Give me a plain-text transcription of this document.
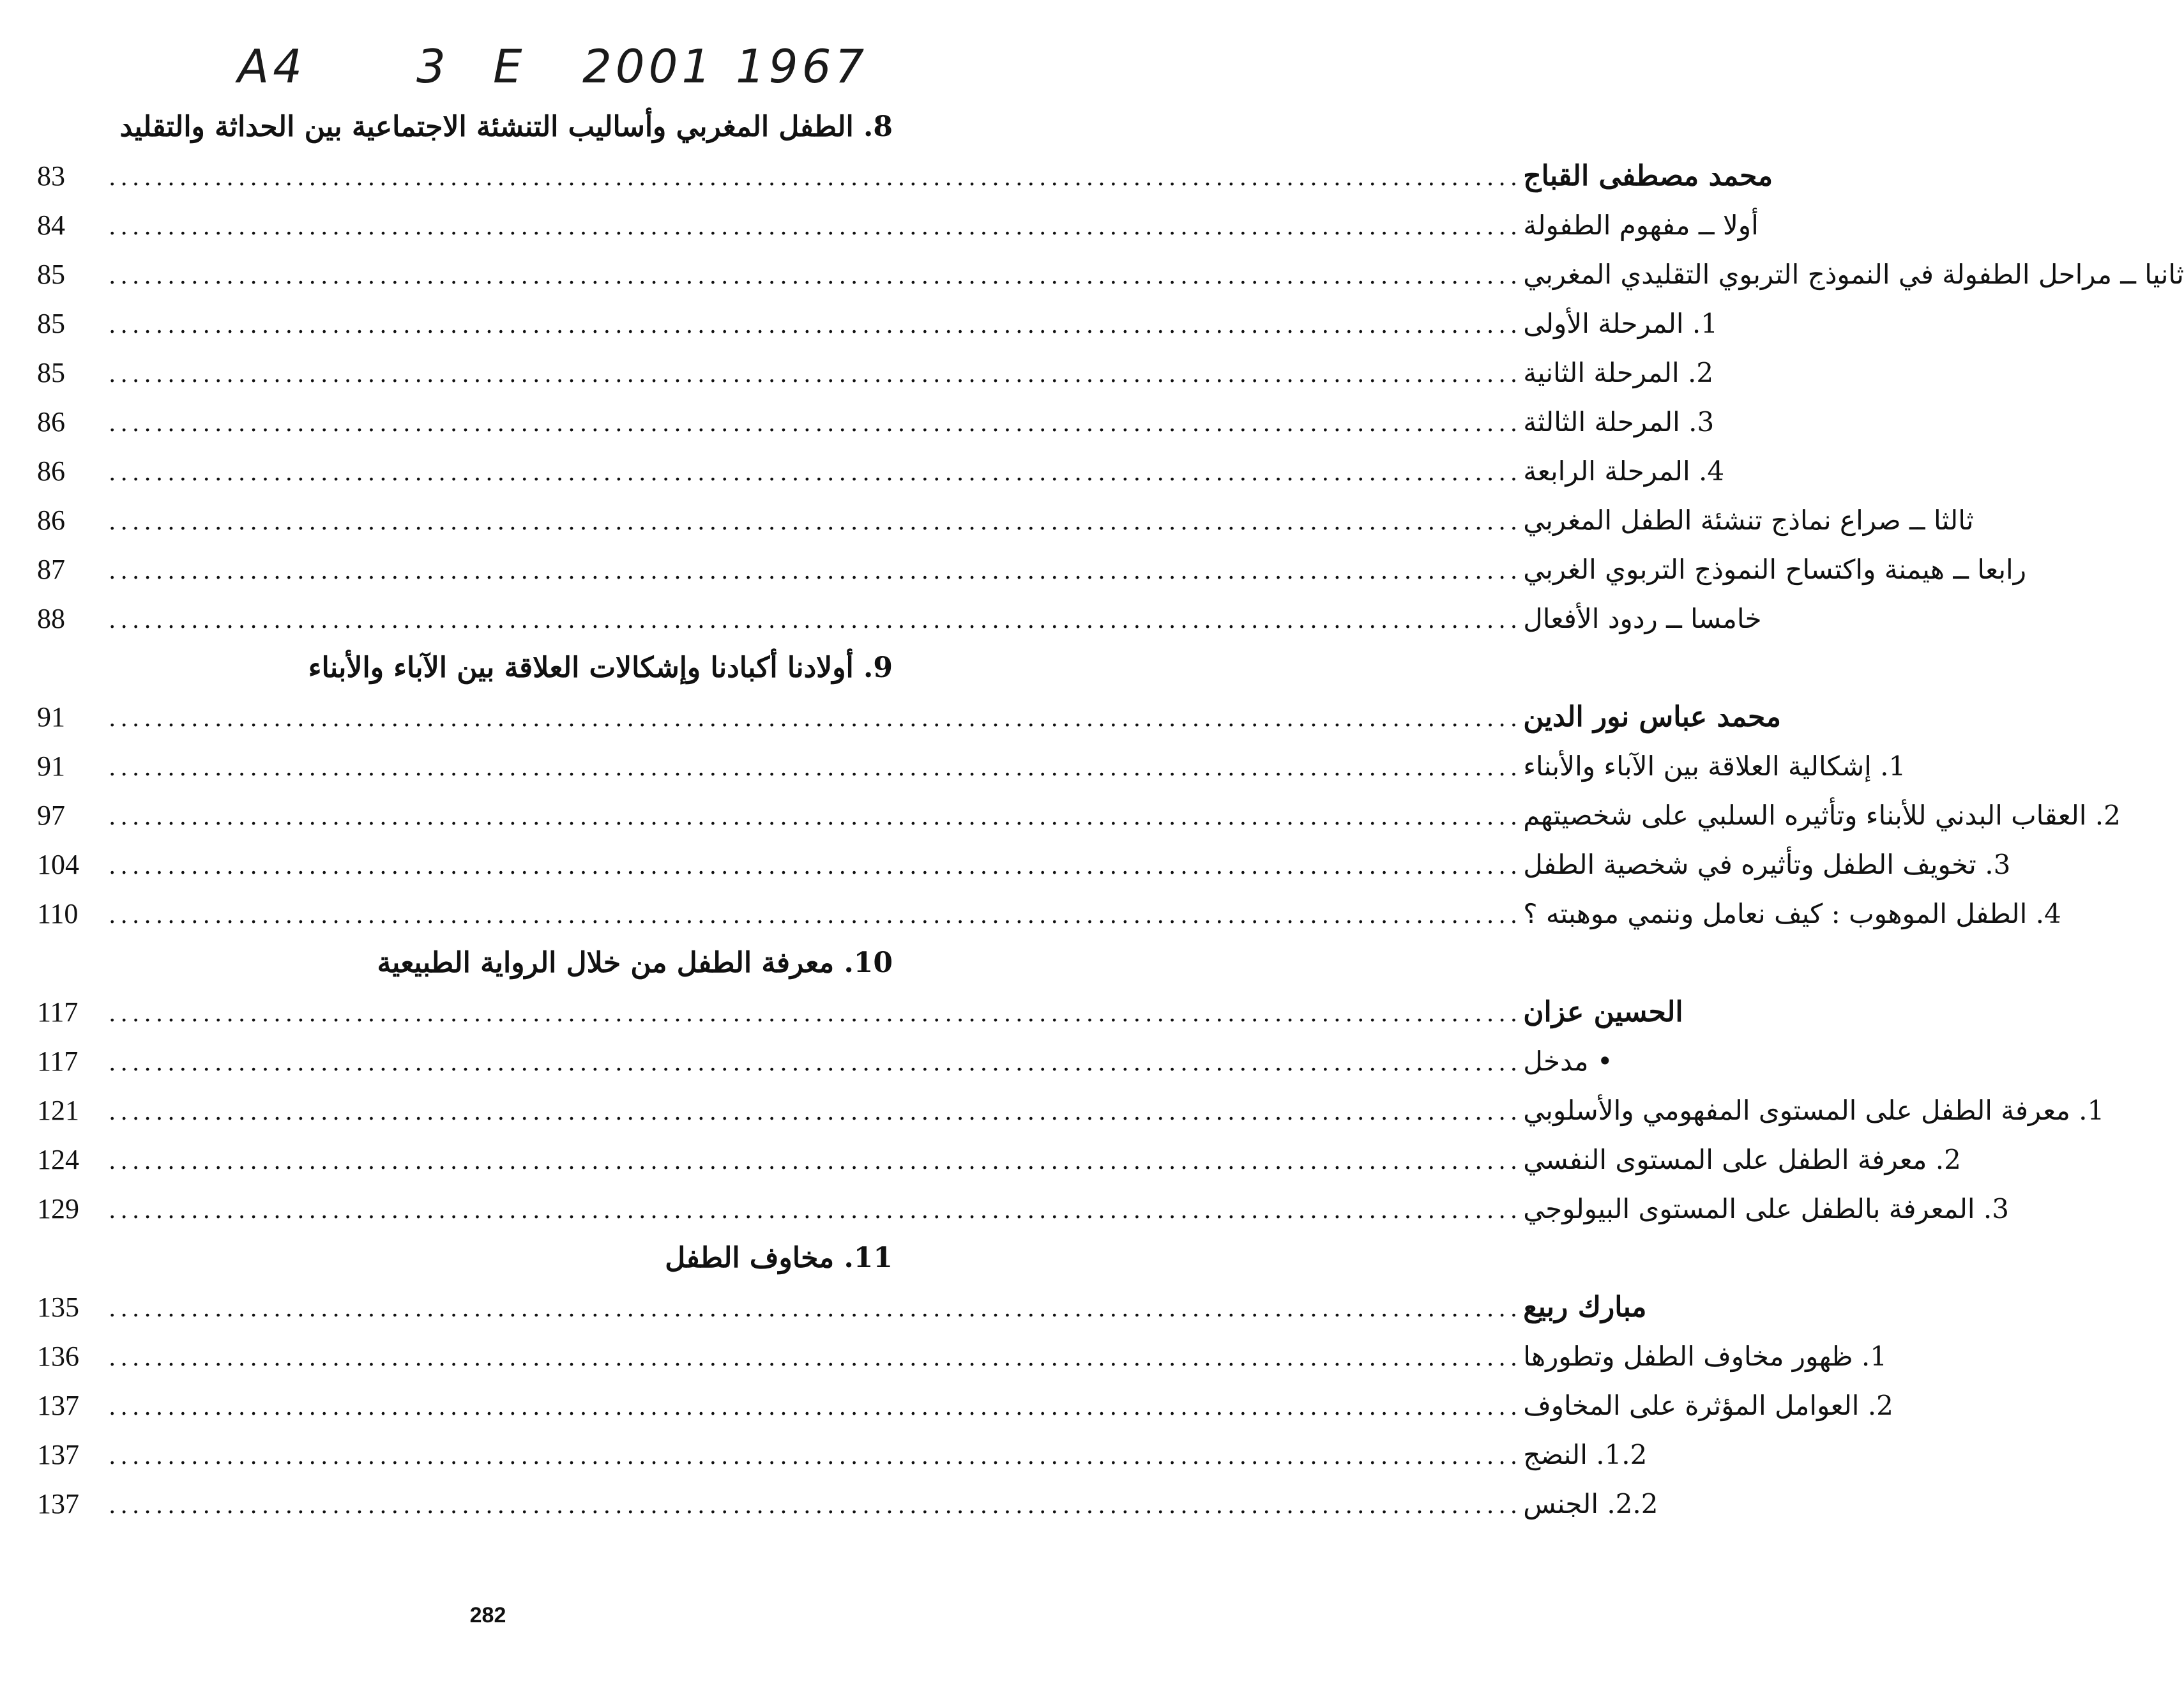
A4 3 E 2001 1967
8. الطفل المغربي وأساليب التنشئة الاجتماعية بين الحداثة والتقليد
83	........................................................................................................................ محمد مصطفى القباج
84	........................................................................................................................ أولا ــ مفهوم الطفولة
85	........................................................................................................................ ثانيا ــ مراحل الطفولة في النموذج التربوي التقليدي المغربي
85	........................................................................................................................ 1. المرحلة الأولى
85	........................................................................................................................ 2. المرحلة الثانية
86	........................................................................................................................ 3. المرحلة الثالثة
86	........................................................................................................................ 4. المرحلة الرابعة
86	........................................................................................................................ ثالثا ــ صراع نماذج تنشئة الطفل المغربي
87	........................................................................................................................ رابعا ــ هيمنة واكتساح النموذج التربوي الغربي
88	........................................................................................................................ خامسا ــ ردود الأفعال
9. أولادنا أكبادنا وإشكالات العلاقة بين الآباء والأبناء
91	........................................................................................................................ محمد عباس نور الدين
91	........................................................................................................................ 1. إشكالية العلاقة بين الآباء والأبناء
97	........................................................................................................................ 2. العقاب البدني للأبناء وتأثيره السلبي على شخصيتهم
104	........................................................................................................................ 3. تخويف الطفل وتأثيره في شخصية الطفل
110	........................................................................................................................ 4. الطفل الموهوب : كيف نعامل وننمي موهبته ؟
10. معرفة الطفل من خلال الرواية الطبيعية
117	........................................................................................................................ الحسين عزان
117	........................................................................................................................ • مدخل
121	........................................................................................................................ 1. معرفة الطفل على المستوى المفهومي والأسلوبي
124	........................................................................................................................ 2. معرفة الطفل على المستوى النفسي
129	........................................................................................................................ 3. المعرفة بالطفل على المستوى البيولوجي
11. مخاوف الطفل
135	........................................................................................................................ مبارك ربيع
136	........................................................................................................................ 1. ظهور مخاوف الطفل وتطورها
137	........................................................................................................................ 2. العوامل المؤثرة على المخاوف
137	........................................................................................................................ 1.2. النضج
137	........................................................................................................................ 2.2. الجنس
282
